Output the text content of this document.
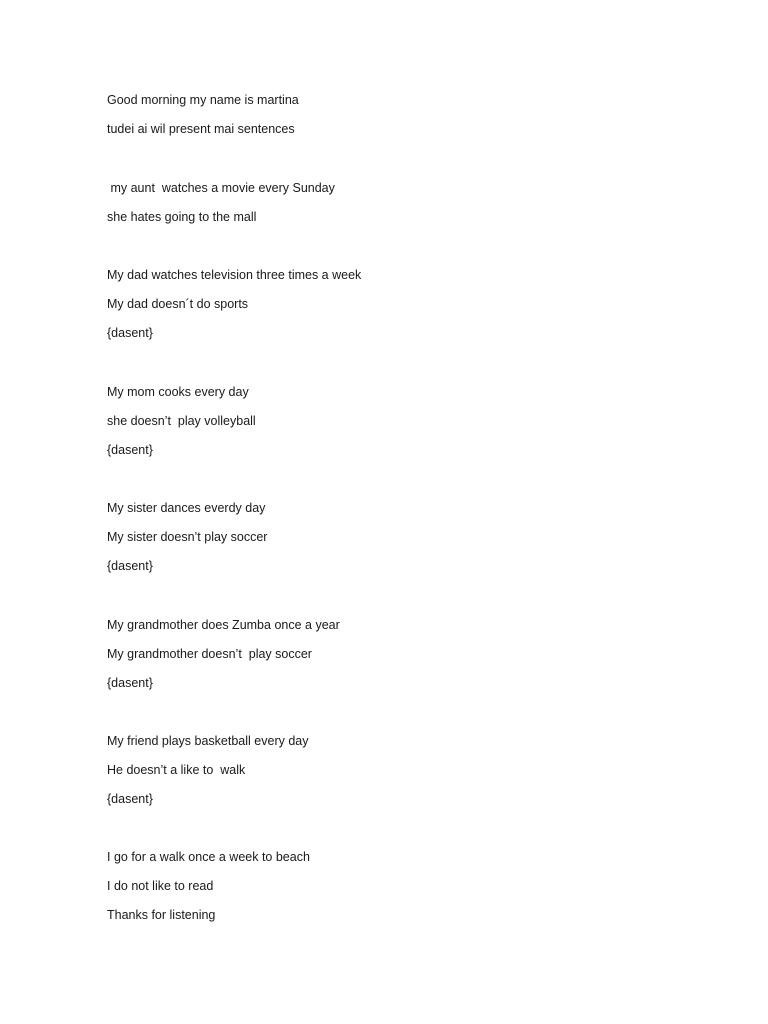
Good morning my name is martina

tudei ai wil present mai sentences

my aunt  watches a movie every Sunday

she hates going to the mall

My dad watches television three times a week

My dad doesn´t do sports

{dasent}

My mom cooks every day

she doesn’t  play volleyball

{dasent}

My sister dances everdy day

My sister doesn’t play soccer

{dasent}

My grandmother does Zumba once a year

My grandmother doesn’t  play soccer

{dasent}

My friend plays basketball every day

He doesn’t a like to  walk

{dasent}

I go for a walk once a week to beach

I do not like to read

Thanks for listening
